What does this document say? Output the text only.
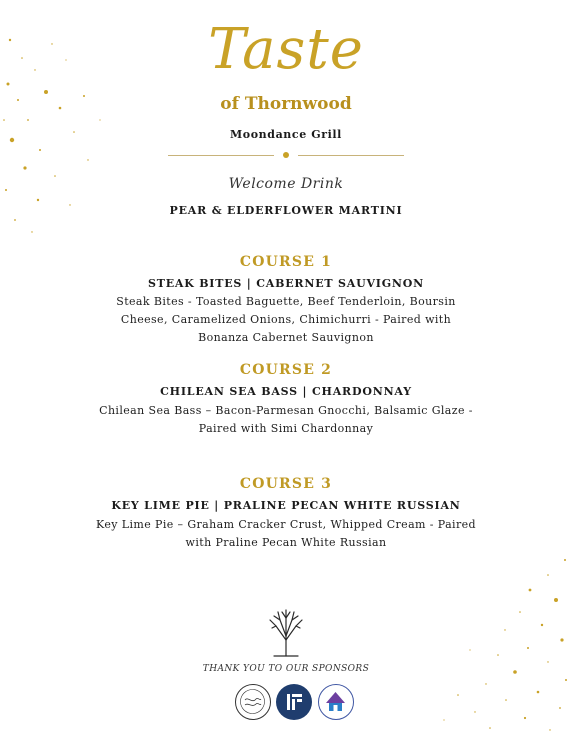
Taste
of Thornwood
Moondance Grill
Welcome Drink
PEAR & ELDERFLOWER MARTINI
COURSE 1
STEAK BITES | CABERNET SAUVIGNON
Steak Bites - Toasted Baguette, Beef Tenderloin, Boursin
Cheese, Caramelized Onions, Chimichurri - Paired with
Bonanza Cabernet Sauvignon
COURSE 2
CHILEAN SEA BASS | CHARDONNAY
Chilean Sea Bass – Bacon-Parmesan Gnocchi, Balsamic Glaze -
Paired with Simi Chardonnay
COURSE 3
KEY LIME PIE | PRALINE PECAN WHITE RUSSIAN
Key Lime Pie – Graham Cracker Crust, Whipped Cream - Paired
with Praline Pecan White Russian
THANK YOU TO OUR SPONSORS
